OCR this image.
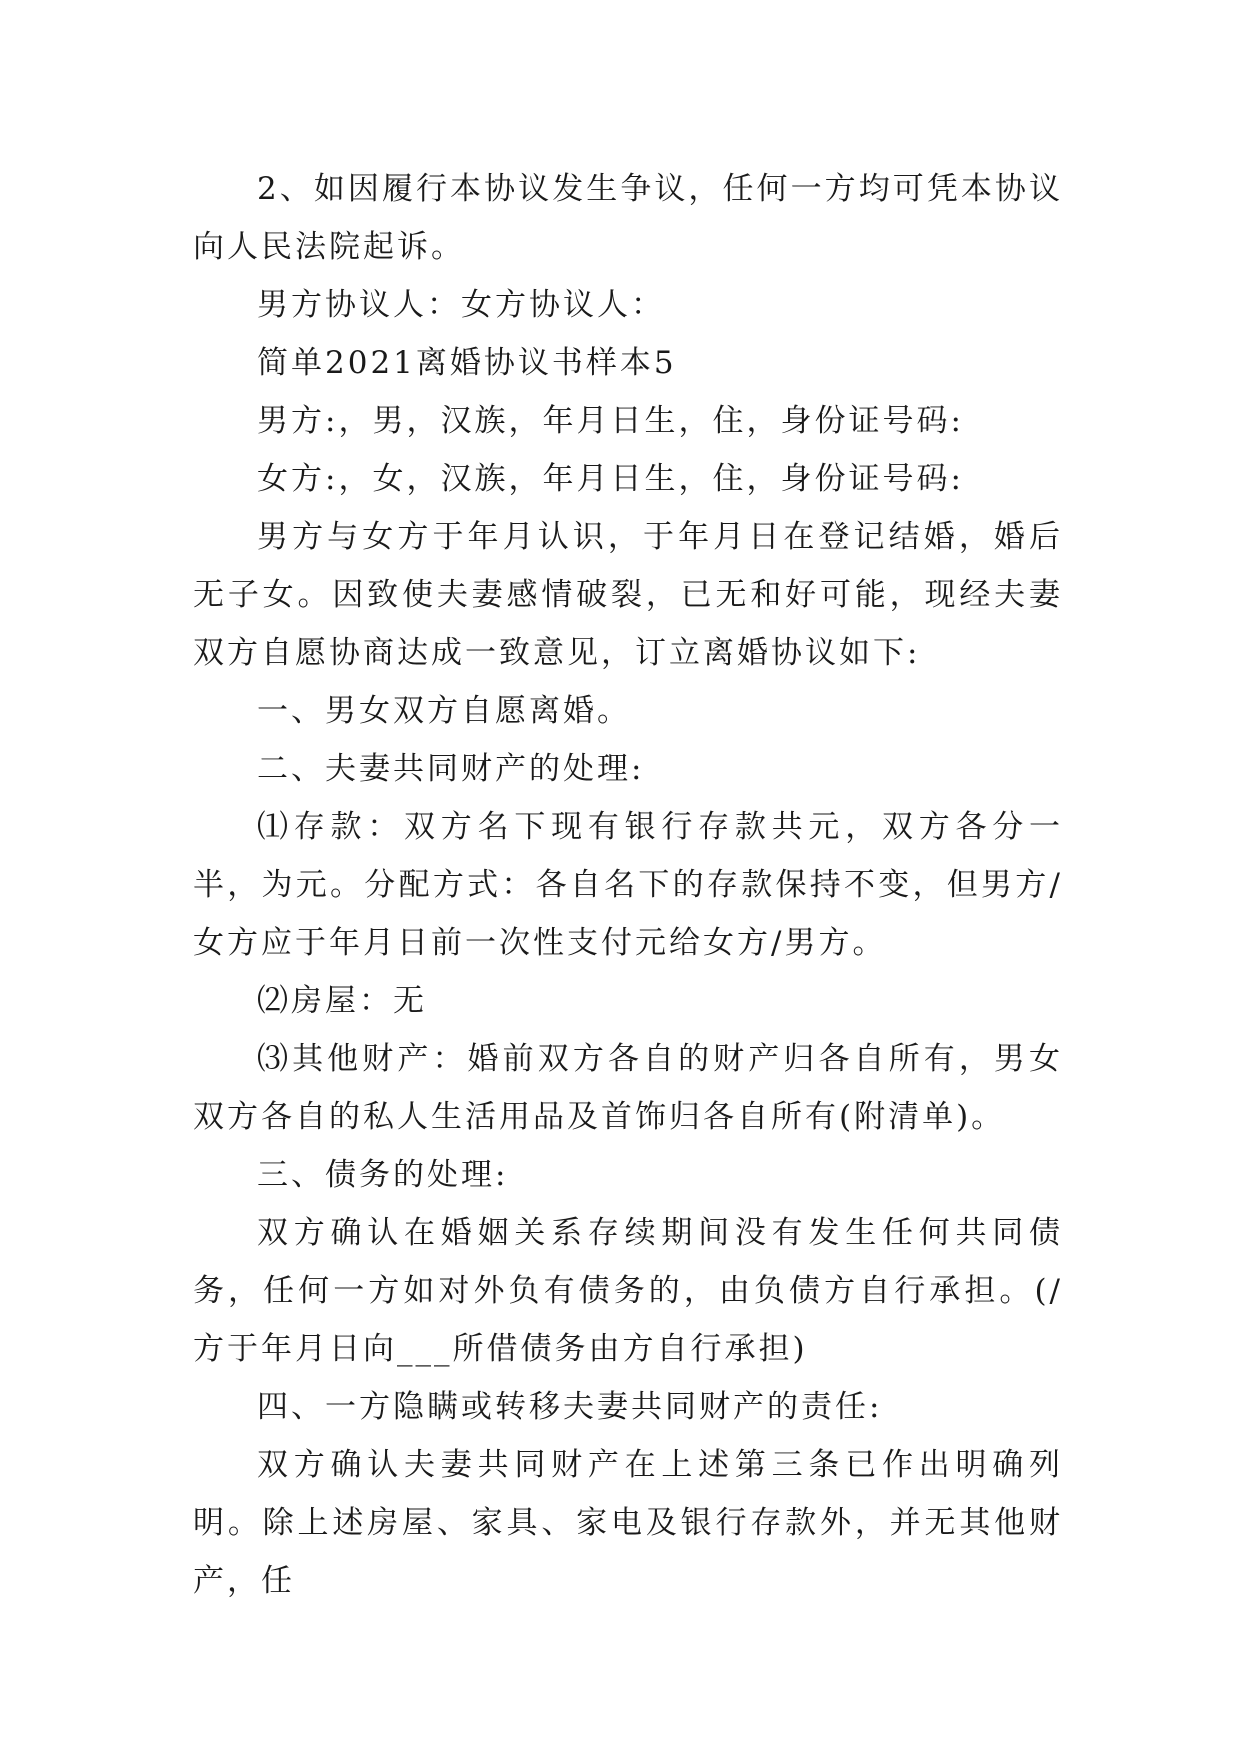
2、如因履行本协议发生争议，任何一方均可凭本协议向人民法院起诉。

男方协议人：女方协议人：

简单2021离婚协议书样本5

男方:，男，汉族，年月日生，住，身份证号码:

女方:，女，汉族，年月日生，住，身份证号码:

男方与女方于年月认识，于年月日在登记结婚，婚后无子女。因致使夫妻感情破裂，已无和好可能，现经夫妻双方自愿协商达成一致意见，订立离婚协议如下:

一、男女双方自愿离婚。

二、夫妻共同财产的处理:

⑴存款：双方名下现有银行存款共元，双方各分一半，为元。分配方式：各自名下的存款保持不变，但男方/女方应于年月日前一次性支付元给女方/男方。

⑵房屋：无

⑶其他财产：婚前双方各自的财产归各自所有，男女双方各自的私人生活用品及首饰归各自所有(附清单)。

三、债务的处理:

双方确认在婚姻关系存续期间没有发生任何共同债务，任何一方如对外负有债务的，由负债方自行承担。(/方于年月日向___所借债务由方自行承担)

四、一方隐瞒或转移夫妻共同财产的责任:

双方确认夫妻共同财产在上述第三条已作出明确列明。除上述房屋、家具、家电及银行存款外，并无其他财产，任
